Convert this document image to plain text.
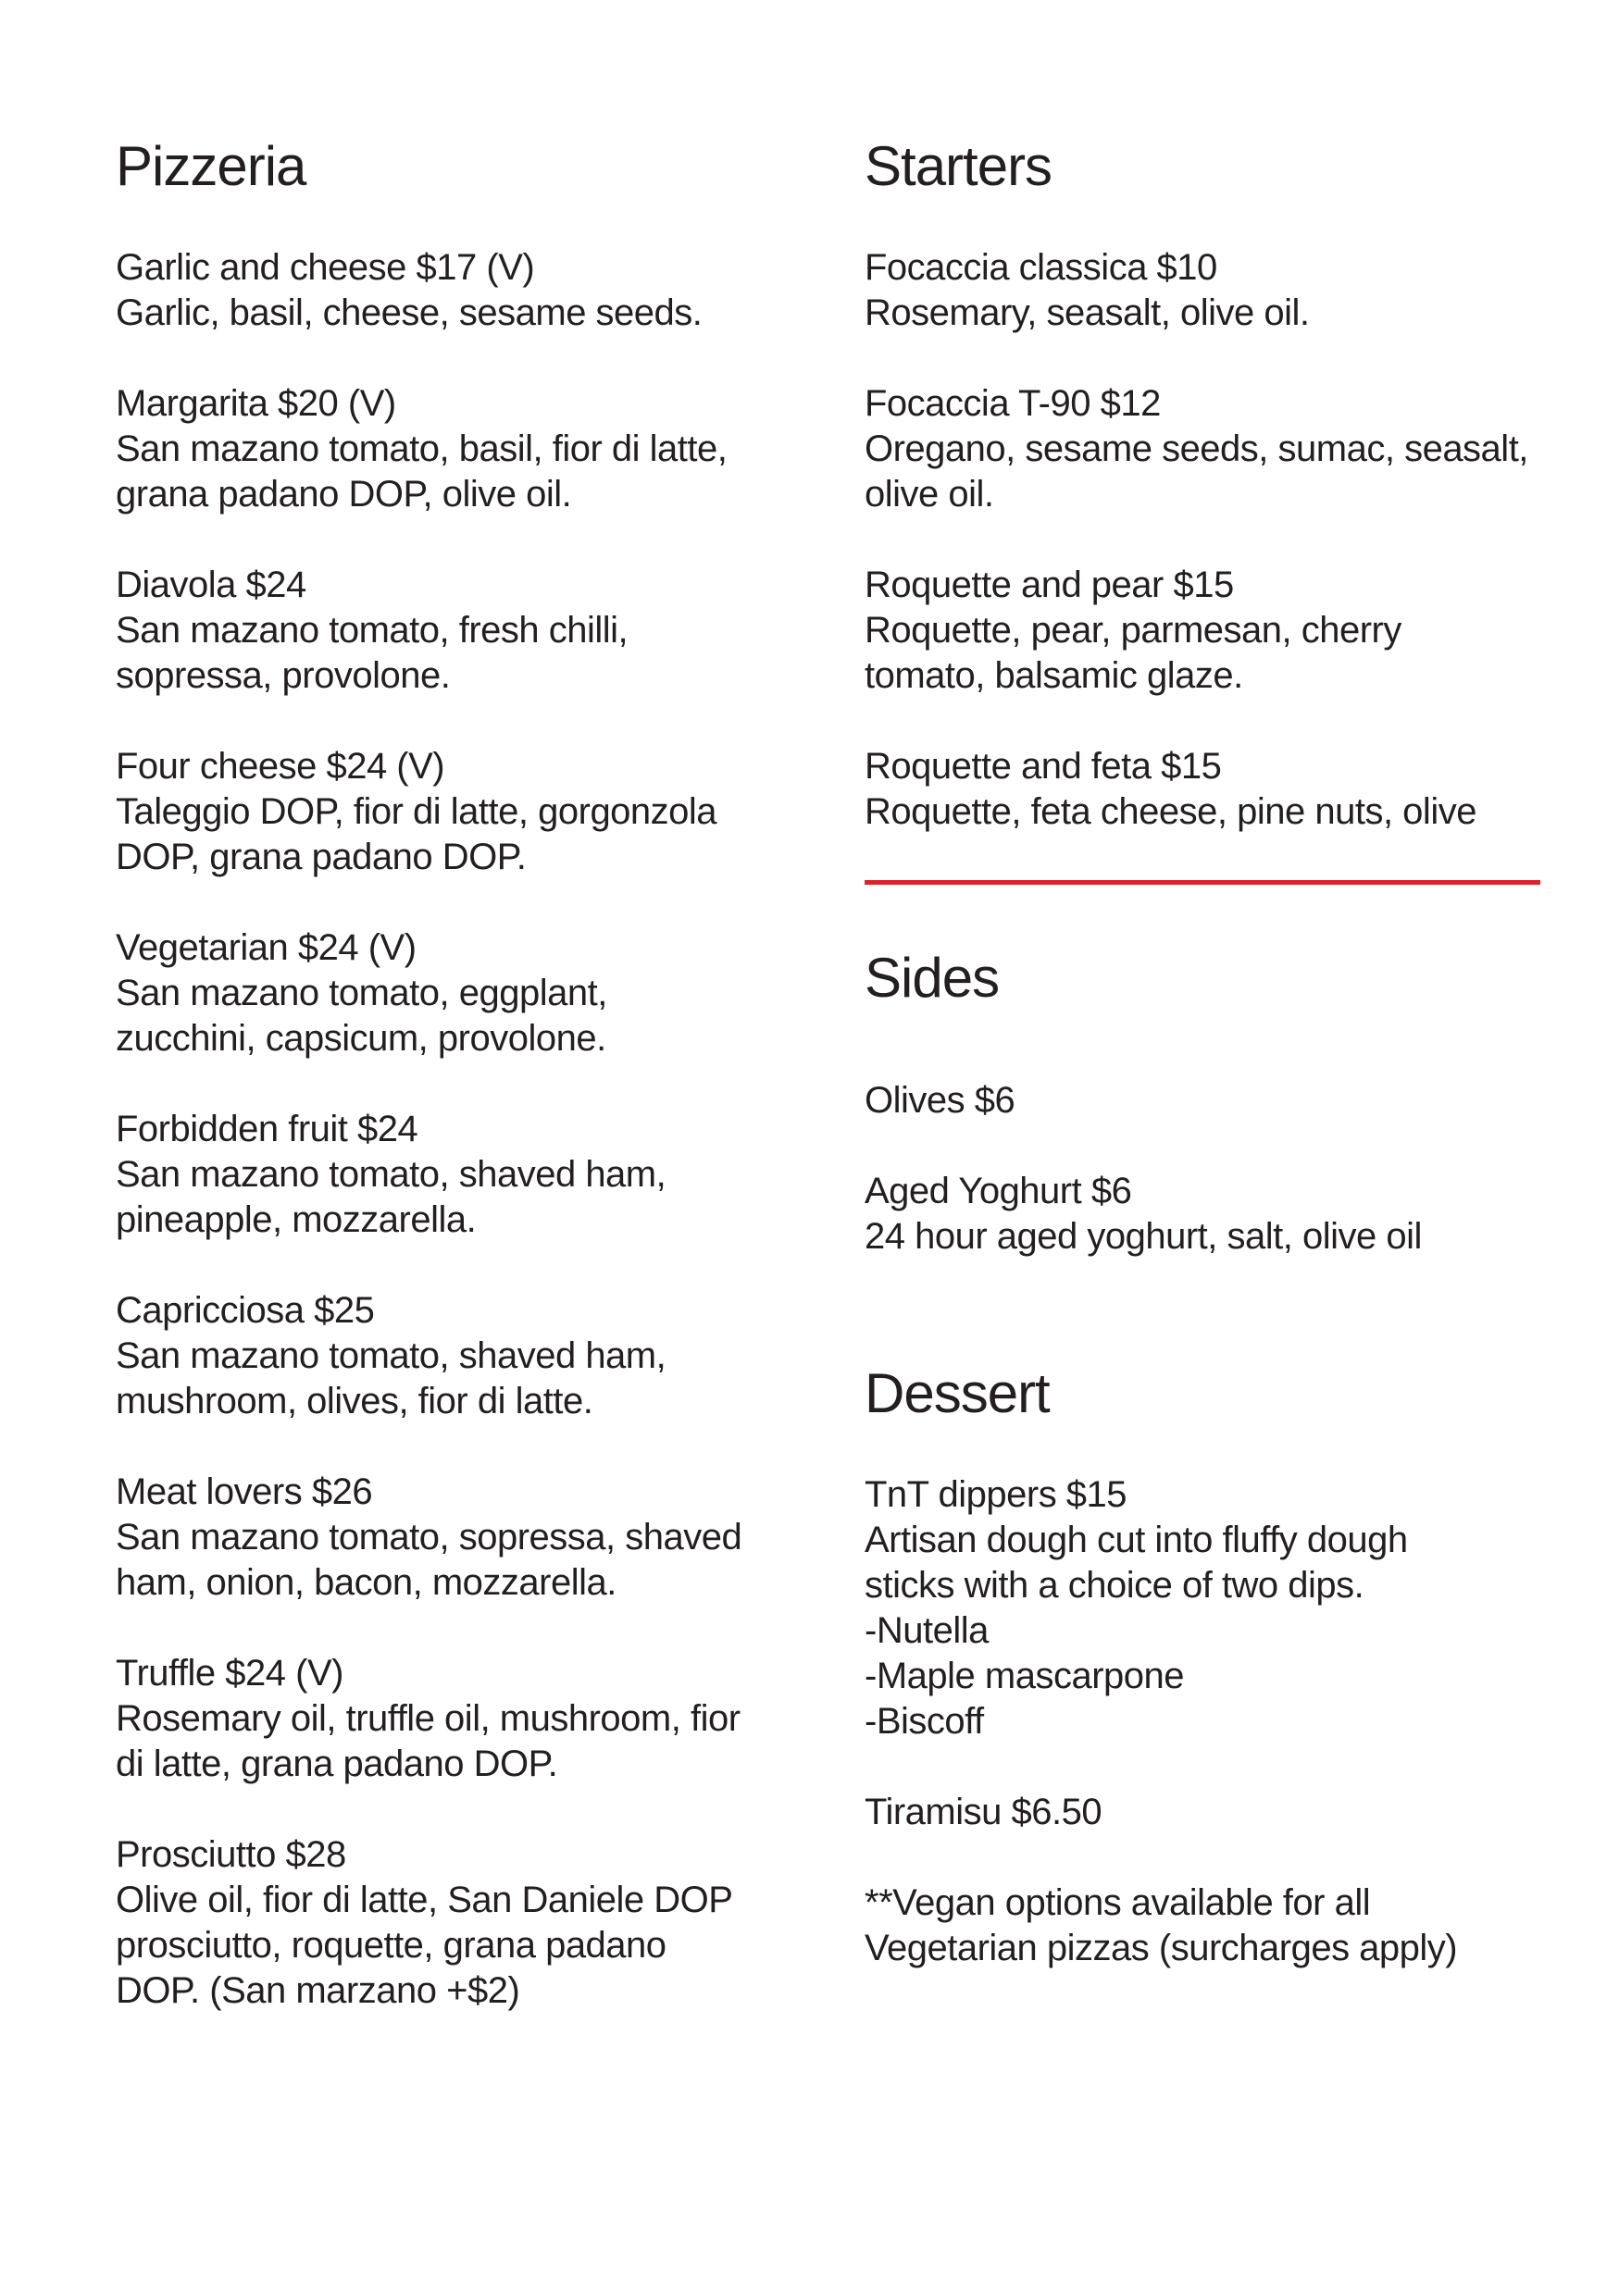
Pizzeria
Garlic and cheese $17 (V)
Garlic, basil, cheese, sesame seeds.
Margarita $20 (V)
San mazano tomato, basil, fior di latte,
grana padano DOP, olive oil.
Diavola $24
San mazano tomato, fresh chilli,
sopressa, provolone.
Four cheese $24 (V)
Taleggio DOP, fior di latte, gorgonzola
DOP, grana padano DOP.
Vegetarian $24 (V)
San mazano tomato, eggplant,
zucchini, capsicum, provolone.
Forbidden fruit $24
San mazano tomato, shaved ham,
pineapple, mozzarella.
Capricciosa $25
San mazano tomato, shaved ham,
mushroom, olives, fior di latte.
Meat lovers $26
San mazano tomato, sopressa, shaved
ham, onion, bacon, mozzarella.
Truffle $24 (V)
Rosemary oil, truffle oil, mushroom, fior
di latte, grana padano DOP.
Prosciutto $28
Olive oil, fior di latte, San Daniele DOP
prosciutto, roquette, grana padano
DOP. (San marzano +$2)
Starters
Focaccia classica $10
Rosemary, seasalt, olive oil.
Focaccia T-90 $12
Oregano, sesame seeds, sumac, seasalt,
olive oil.
Roquette and pear $15
Roquette, pear, parmesan, cherry
tomato, balsamic glaze.
Roquette and feta $15
Roquette, feta cheese, pine nuts, olive
Sides
Olives $6
Aged Yoghurt $6
24 hour aged yoghurt, salt, olive oil
Dessert
TnT dippers $15
Artisan dough cut into fluffy dough
sticks with a choice of two dips.
-Nutella
-Maple mascarpone
-Biscoff
Tiramisu $6.50
**Vegan options available for all
Vegetarian pizzas (surcharges apply)
